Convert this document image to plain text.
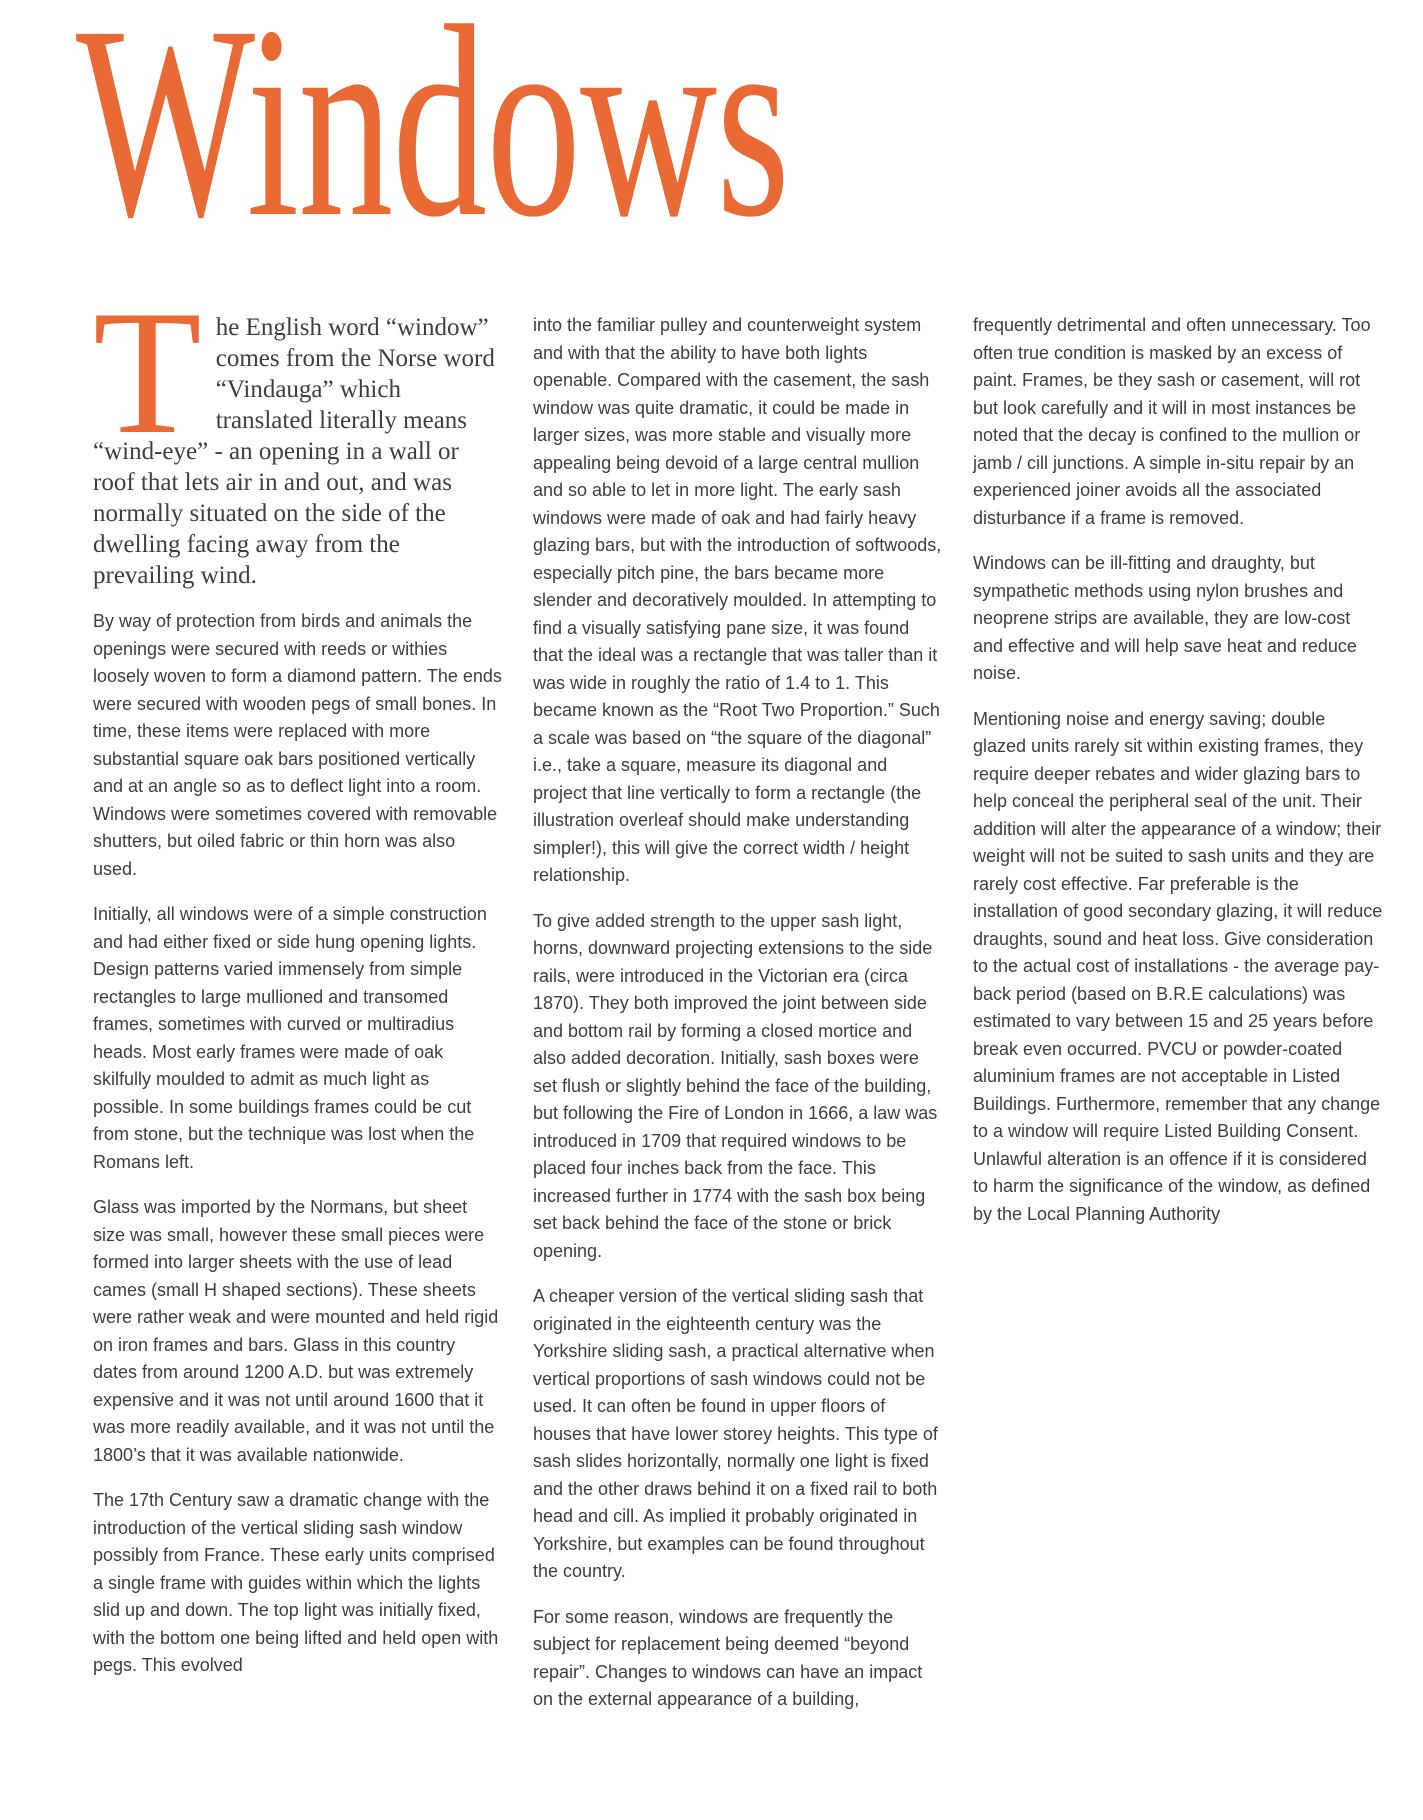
Windows

The English word “window” comes from the Norse word “Vindauga” which translated literally means “wind-eye” - an opening in a wall or roof that lets air in and out, and was normally situated on the side of the dwelling facing away from the prevailing wind.

By way of protection from birds and animals the openings were secured with reeds or withies loosely woven to form a diamond pattern. The ends were secured with wooden pegs of small bones. In time, these items were replaced with more substantial square oak bars positioned vertically and at an angle so as to deflect light into a room. Windows were sometimes covered with removable shutters, but oiled fabric or thin horn was also used.

Initially, all windows were of a simple construction and had either fixed or side hung opening lights. Design patterns varied immensely from simple rectangles to large mullioned and transomed frames, sometimes with curved or multiradius heads. Most early frames were made of oak skilfully moulded to admit as much light as possible. In some buildings frames could be cut from stone, but the technique was lost when the Romans left.

Glass was imported by the Normans, but sheet size was small, however these small pieces were formed into larger sheets with the use of lead cames (small H shaped sections). These sheets were rather weak and were mounted and held rigid on iron frames and bars. Glass in this country dates from around 1200 A.D. but was extremely expensive and it was not until around 1600 that it was more readily available, and it was not until the 1800’s that it was available nationwide.

The 17th Century saw a dramatic change with the introduction of the vertical sliding sash window possibly from France. These early units comprised a single frame with guides within which the lights slid up and down. The top light was initially fixed, with the bottom one being lifted and held open with pegs. This evolved

into the familiar pulley and counterweight system and with that the ability to have both lights openable. Compared with the casement, the sash window was quite dramatic, it could be made in larger sizes, was more stable and visually more appealing being devoid of a large central mullion and so able to let in more light. The early sash windows were made of oak and had fairly heavy glazing bars, but with the introduction of softwoods, especially pitch pine, the bars became more slender and decoratively moulded. In attempting to find a visually satisfying pane size, it was found that the ideal was a rectangle that was taller than it was wide in roughly the ratio of 1.4 to 1. This became known as the “Root Two Proportion.” Such a scale was based on “the square of the diagonal” i.e., take a square, measure its diagonal and project that line vertically to form a rectangle (the illustration overleaf should make understanding simpler!), this will give the correct width / height relationship.

To give added strength to the upper sash light, horns, downward projecting extensions to the side rails, were introduced in the Victorian era (circa 1870). They both improved the joint between side and bottom rail by forming a closed mortice and also added decoration. Initially, sash boxes were set flush or slightly behind the face of the building, but following the Fire of London in 1666, a law was introduced in 1709 that required windows to be placed four inches back from the face. This increased further in 1774 with the sash box being set back behind the face of the stone or brick opening.

A cheaper version of the vertical sliding sash that originated in the eighteenth century was the Yorkshire sliding sash, a practical alternative when vertical proportions of sash windows could not be used. It can often be found in upper floors of houses that have lower storey heights. This type of sash slides horizontally, normally one light is fixed and the other draws behind it on a fixed rail to both head and cill. As implied it probably originated in Yorkshire, but examples can be found throughout the country.

For some reason, windows are frequently the subject for replacement being deemed “beyond repair”. Changes to windows can have an impact on the external appearance of a building,

frequently detrimental and often unnecessary. Too often true condition is masked by an excess of paint. Frames, be they sash or casement, will rot but look carefully and it will in most instances be noted that the decay is confined to the mullion or jamb / cill junctions. A simple in-situ repair by an experienced joiner avoids all the associated disturbance if a frame is removed.

Windows can be ill-fitting and draughty, but sympathetic methods using nylon brushes and neoprene strips are available, they are low-cost and effective and will help save heat and reduce noise.

Mentioning noise and energy saving; double glazed units rarely sit within existing frames, they require deeper rebates and wider glazing bars to help conceal the peripheral seal of the unit. Their addition will alter the appearance of a window; their weight will not be suited to sash units and they are rarely cost effective. Far preferable is the installation of good secondary glazing, it will reduce draughts, sound and heat loss. Give consideration to the actual cost of installations - the average pay-back period (based on B.R.E calculations) was estimated to vary between 15 and 25 years before break even occurred. PVCU or powder-coated aluminium frames are not acceptable in Listed Buildings. Furthermore, remember that any change to a window will require Listed Building Consent. Unlawful alteration is an offence if it is considered to harm the significance of the window, as defined by the Local Planning Authority
